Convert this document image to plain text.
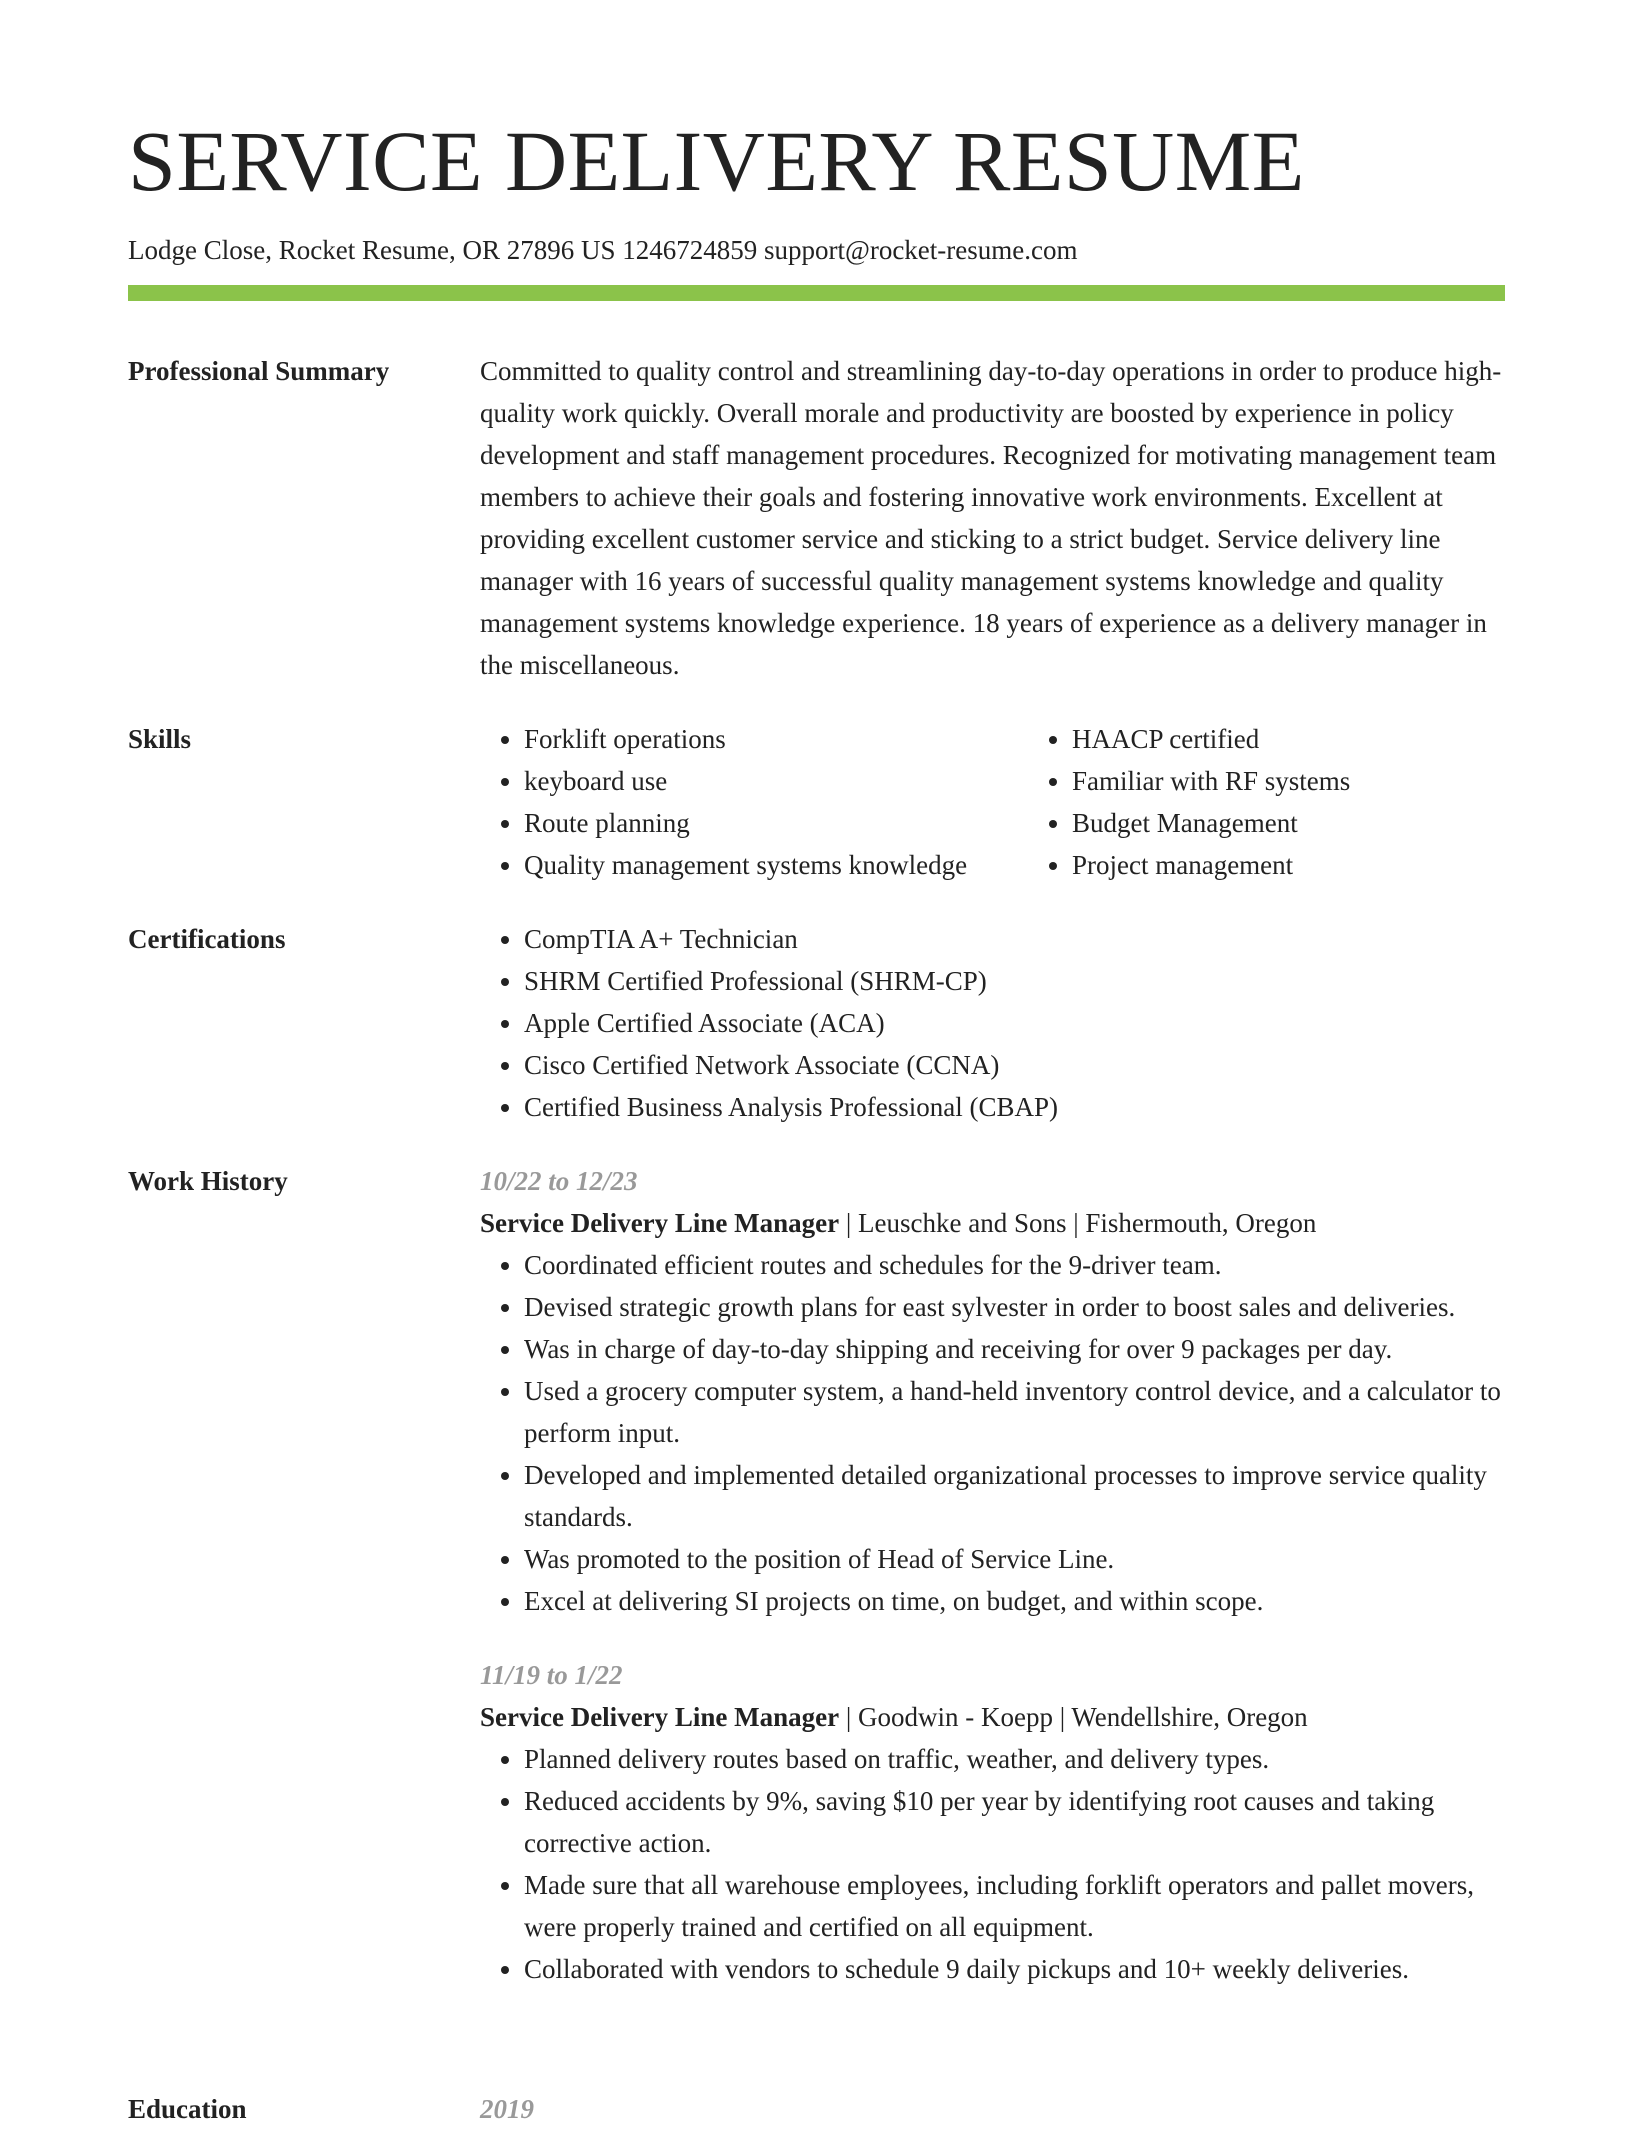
SERVICE DELIVERY RESUME

Lodge Close, Rocket Resume, OR 27896 US 1246724859 support@rocket-resume.com

Professional Summary	Committed to quality control and streamlining day-to-day operations in order to produce high-quality work quickly. Overall morale and productivity are boosted by experience in policy development and staff management procedures. Recognized for motivating management team members to achieve their goals and fostering innovative work environments. Excellent at providing excellent customer service and sticking to a strict budget. Service delivery line manager with 16 years of successful quality management systems knowledge and quality management systems knowledge experience. 18 years of experience as a delivery manager in the miscellaneous.

Skills	• Forklift operations
• keyboard use
• Route planning
• Quality management systems knowledge
• HAACP certified
• Familiar with RF systems
• Budget Management
• Project management
Certifications	• CompTIA A+ Technician
• SHRM Certified Professional (SHRM-CP)
• Apple Certified Associate (ACA)
• Cisco Certified Network Associate (CCNA)
• Certified Business Analysis Professional (CBAP)
Work History	10/22 to 12/23

Service Delivery Line Manager | Leuschke and Sons | Fishermouth, Oregon

• Coordinated efficient routes and schedules for the 9-driver team.
• Devised strategic growth plans for east sylvester in order to boost sales and deliveries.
• Was in charge of day-to-day shipping and receiving for over 9 packages per day.
• Used a grocery computer system, a hand-held inventory control device, and a calculator to perform input.
• Developed and implemented detailed organizational processes to improve service quality standards.
• Was promoted to the position of Head of Service Line.
• Excel at delivering SI projects on time, on budget, and within scope.

11/19 to 1/22

Service Delivery Line Manager | Goodwin - Koepp | Wendellshire, Oregon

• Planned delivery routes based on traffic, weather, and delivery types.
• Reduced accidents by 9%, saving $10 per year by identifying root causes and taking corrective action.
• Made sure that all warehouse employees, including forklift operators and pallet movers, were properly trained and certified on all equipment.
• Collaborated with vendors to schedule 9 daily pickups and 10+ weekly deliveries.
Education	2019
